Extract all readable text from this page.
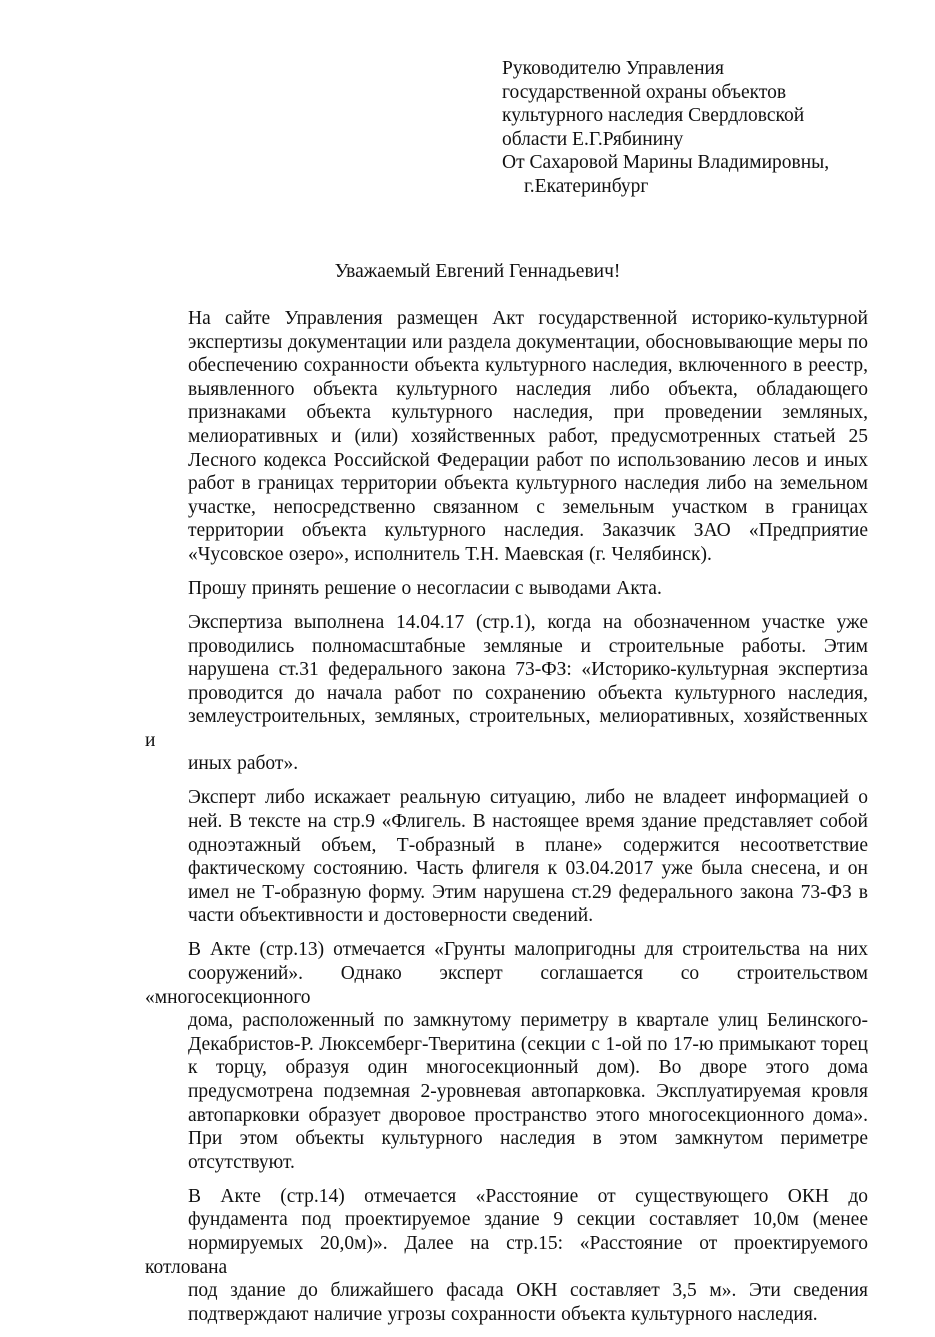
Руководителю Управления
государственной охраны объектов
культурного наследия Свердловской
области Е.Г.Рябинину
От Сахаровой Марины Владимировны,
г.Екатеринбург
Уважаемый Евгений Геннадьевич!

На сайте Управления размещен Акт государственной историко-культурной
экспертизы документации или раздела документации, обосновывающие меры по
обеспечению сохранности объекта культурного наследия, включенного в реестр,
выявленного объекта культурного наследия либо объекта, обладающего
признаками объекта культурного наследия, при проведении земляных,
мелиоративных и (или) хозяйственных работ, предусмотренных статьей 25
Лесного кодекса Российской Федерации работ по использованию лесов и иных
работ в границах территории объекта культурного наследия либо на земельном
участке, непосредственно связанном с земельным участком в границах
территории объекта культурного наследия. Заказчик ЗАО «Предприятие
«Чусовское озеро», исполнитель Т.Н. Маевская (г. Челябинск).

Прошу принять решение о несогласии с выводами Акта.

Экспертиза выполнена 14.04.17 (стр.1), когда на обозначенном участке уже
проводились полномасштабные земляные и строительные работы. Этим
нарушена ст.31 федерального закона 73-ФЗ: «Историко-культурная экспертиза
проводится до начала работ по сохранению объекта культурного наследия,
землеустроительных, земляных, строительных, мелиоративных, хозяйственных и
иных работ».

Эксперт либо искажает реальную ситуацию, либо не владеет информацией о
ней. В тексте на стр.9 «Флигель. В настоящее время здание представляет собой
одноэтажный объем, Т-образный в плане» содержится несоответствие
фактическому состоянию. Часть флигеля к 03.04.2017 уже была снесена, и он
имел не Т-образную форму. Этим нарушена ст.29 федерального закона 73-ФЗ в
части объективности и достоверности сведений.

В Акте (стр.13) отмечается «Грунты малопригодны для строительства на них
сооружений». Однако эксперт соглашается со строительством «многосекционного
дома, расположенный по замкнутому периметру в квартале улиц Белинского-
Декабристов-Р. Люксемберг-Тверитина (секции с 1-ой по 17-ю примыкают торец
к торцу, образуя один многосекционный дом). Во дворе этого дома
предусмотрена подземная 2-уровневая автопарковка. Эксплуатируемая кровля
автопарковки образует дворовое пространство этого многосекционного дома».
При этом объекты культурного наследия в этом замкнутом периметре
отсутствуют.

В Акте (стр.14) отмечается «Расстояние от существующего ОКН до
фундамента под проектируемое здание 9 секции составляет 10,0м (менее
нормируемых 20,0м)». Далее на стр.15: «Расстояние от проектируемого котлована
под здание до ближайшего фасада ОКН составляет 3,5 м». Эти сведения
подтверждают наличие угрозы сохранности объекта культурного наследия.
